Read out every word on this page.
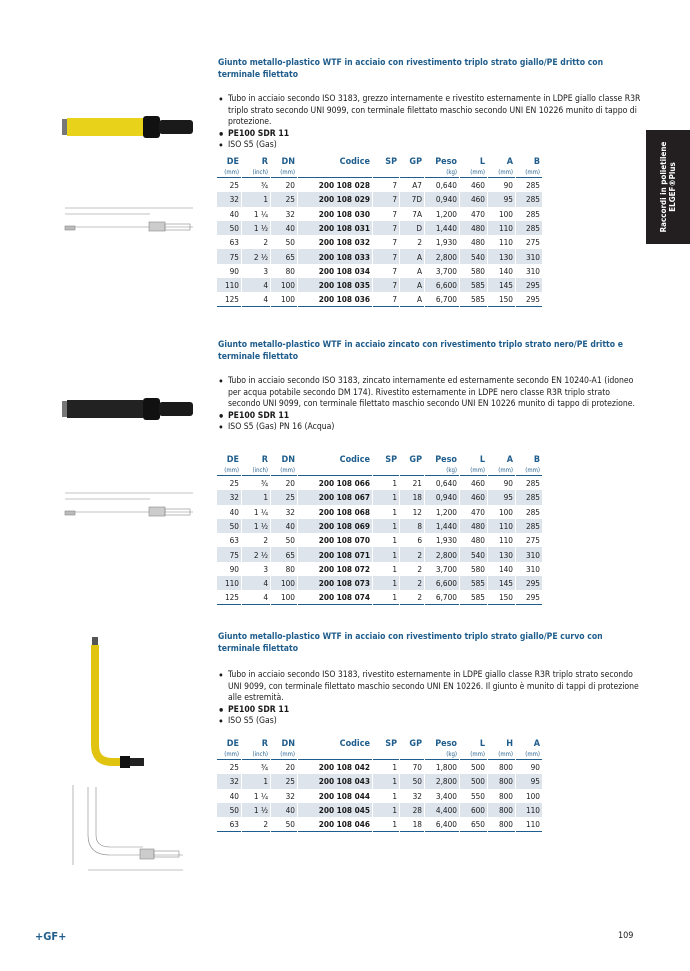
Raccordi in polietilene ELGEF®Plus
Giunto metallo-plastico WTF in acciaio con rivestimento triplo strato giallo/PE dritto con terminale filettato
• Tubo in acciaio secondo ISO 3183, grezzo internamente e rivestito esternamente in LDPE giallo classe R3R triplo strato secondo UNI 9099, con terminale filettato maschio secondo UNI EN 10226 munito di tappo di protezione.
• PE100 SDR 11
• ISO S5 (Gas)
DE	R	DN	Codice	SP	GP	Peso	L	A	B
(mm)	(inch)	(mm)				(kg)	(mm)	(mm)	(mm)
25	¾	20	200 108 028	7	A7	0,640	460	90	285
32	1	25	200 108 029	7	7D	0,940	460	95	285
40	1 ¼	32	200 108 030	7	7A	1,200	470	100	285
50	1 ½	40	200 108 031	7	D	1,440	480	110	285
63	2	50	200 108 032	7	2	1,930	480	110	275
75	2 ½	65	200 108 033	7	A	2,800	540	130	310
90	3	80	200 108 034	7	A	3,700	580	140	310
110	4	100	200 108 035	7	A	6,600	585	145	295
125	4	100	200 108 036	7	A	6,700	585	150	295
Giunto metallo-plastico WTF in acciaio zincato con rivestimento triplo strato nero/PE dritto e terminale filettato
• Tubo in acciaio secondo ISO 3183, zincato internamente ed esternamente secondo EN 10240-A1 (idoneo per acqua potabile secondo DM 174). Rivestito esternamente in LDPE nero classe R3R triplo strato secondo UNI 9099, con terminale filettato maschio secondo UNI EN 10226 munito di tappo di protezione.
• PE100 SDR 11
• ISO S5 (Gas) PN 16 (Acqua)
DE	R	DN	Codice	SP	GP	Peso	L	A	B
(mm)	(inch)	(mm)				(kg)	(mm)	(mm)	(mm)
25	¾	20	200 108 066	1	21	0,640	460	90	285
32	1	25	200 108 067	1	18	0,940	460	95	285
40	1 ¼	32	200 108 068	1	12	1,200	470	100	285
50	1 ½	40	200 108 069	1	8	1,440	480	110	285
63	2	50	200 108 070	1	6	1,930	480	110	275
75	2 ½	65	200 108 071	1	2	2,800	540	130	310
90	3	80	200 108 072	1	2	3,700	580	140	310
110	4	100	200 108 073	1	2	6,600	585	145	295
125	4	100	200 108 074	1	2	6,700	585	150	295
Giunto metallo-plastico WTF in acciaio con rivestimento triplo strato giallo/PE curvo con terminale filettato
• Tubo in acciaio secondo ISO 3183, rivestito esternamente in LDPE giallo classe R3R triplo strato secondo UNI 9099, con terminale filettato maschio secondo UNI EN 10226. Il giunto è munito di tappi di protezione alle estremità.
• PE100 SDR 11
• ISO S5 (Gas)
DE	R	DN	Codice	SP	GP	Peso	L	H	A
(mm)	(inch)	(mm)				(kg)	(mm)	(mm)	(mm)
25	¾	20	200 108 042	1	70	1,800	500	800	90
32	1	25	200 108 043	1	50	2,800	500	800	95
40	1 ¼	32	200 108 044	1	32	3,400	550	800	100
50	1 ½	40	200 108 045	1	28	4,400	600	800	110
63	2	50	200 108 046	1	18	6,400	650	800	110
+GF+	109
